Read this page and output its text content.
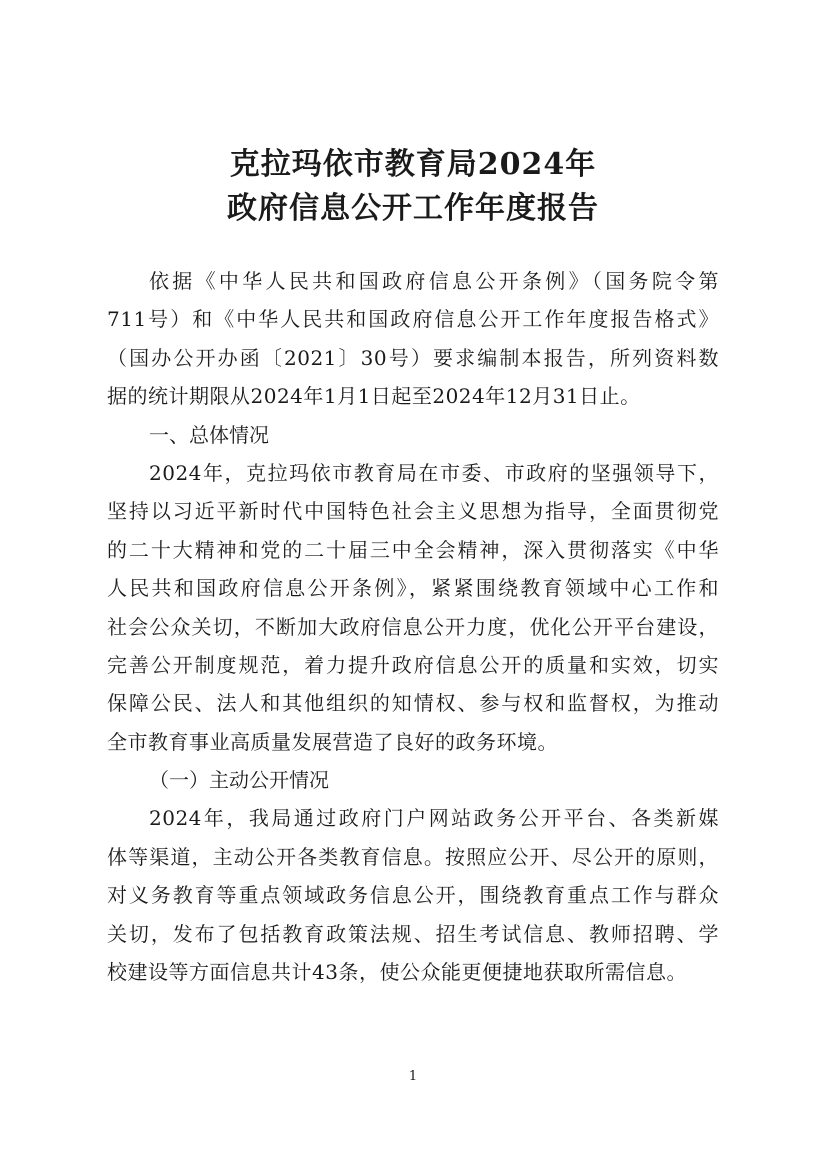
克拉玛依市教育局2024年
政府信息公开工作年度报告
依据《中华人民共和国政府信息公开条例》（国务院令第
711号）和《中华人民共和国政府信息公开工作年度报告格式》
（国办公开办函〔2021〕30号）要求编制本报告，所列资料数
据的统计期限从2024年1月1日起至2024年12月31日止。
一、总体情况
2024年，克拉玛依市教育局在市委、市政府的坚强领导下，
坚持以习近平新时代中国特色社会主义思想为指导，全面贯彻党
的二十大精神和党的二十届三中全会精神，深入贯彻落实《中华
人民共和国政府信息公开条例》，紧紧围绕教育领域中心工作和
社会公众关切，不断加大政府信息公开力度，优化公开平台建设，
完善公开制度规范，着力提升政府信息公开的质量和实效，切实
保障公民、法人和其他组织的知情权、参与权和监督权，为推动
全市教育事业高质量发展营造了良好的政务环境。
（一）主动公开情况
2024年，我局通过政府门户网站政务公开平台、各类新媒
体等渠道，主动公开各类教育信息。按照应公开、尽公开的原则，
对义务教育等重点领域政务信息公开，围绕教育重点工作与群众
关切，发布了包括教育政策法规、招生考试信息、教师招聘、学
校建设等方面信息共计43条，使公众能更便捷地获取所需信息。
1
